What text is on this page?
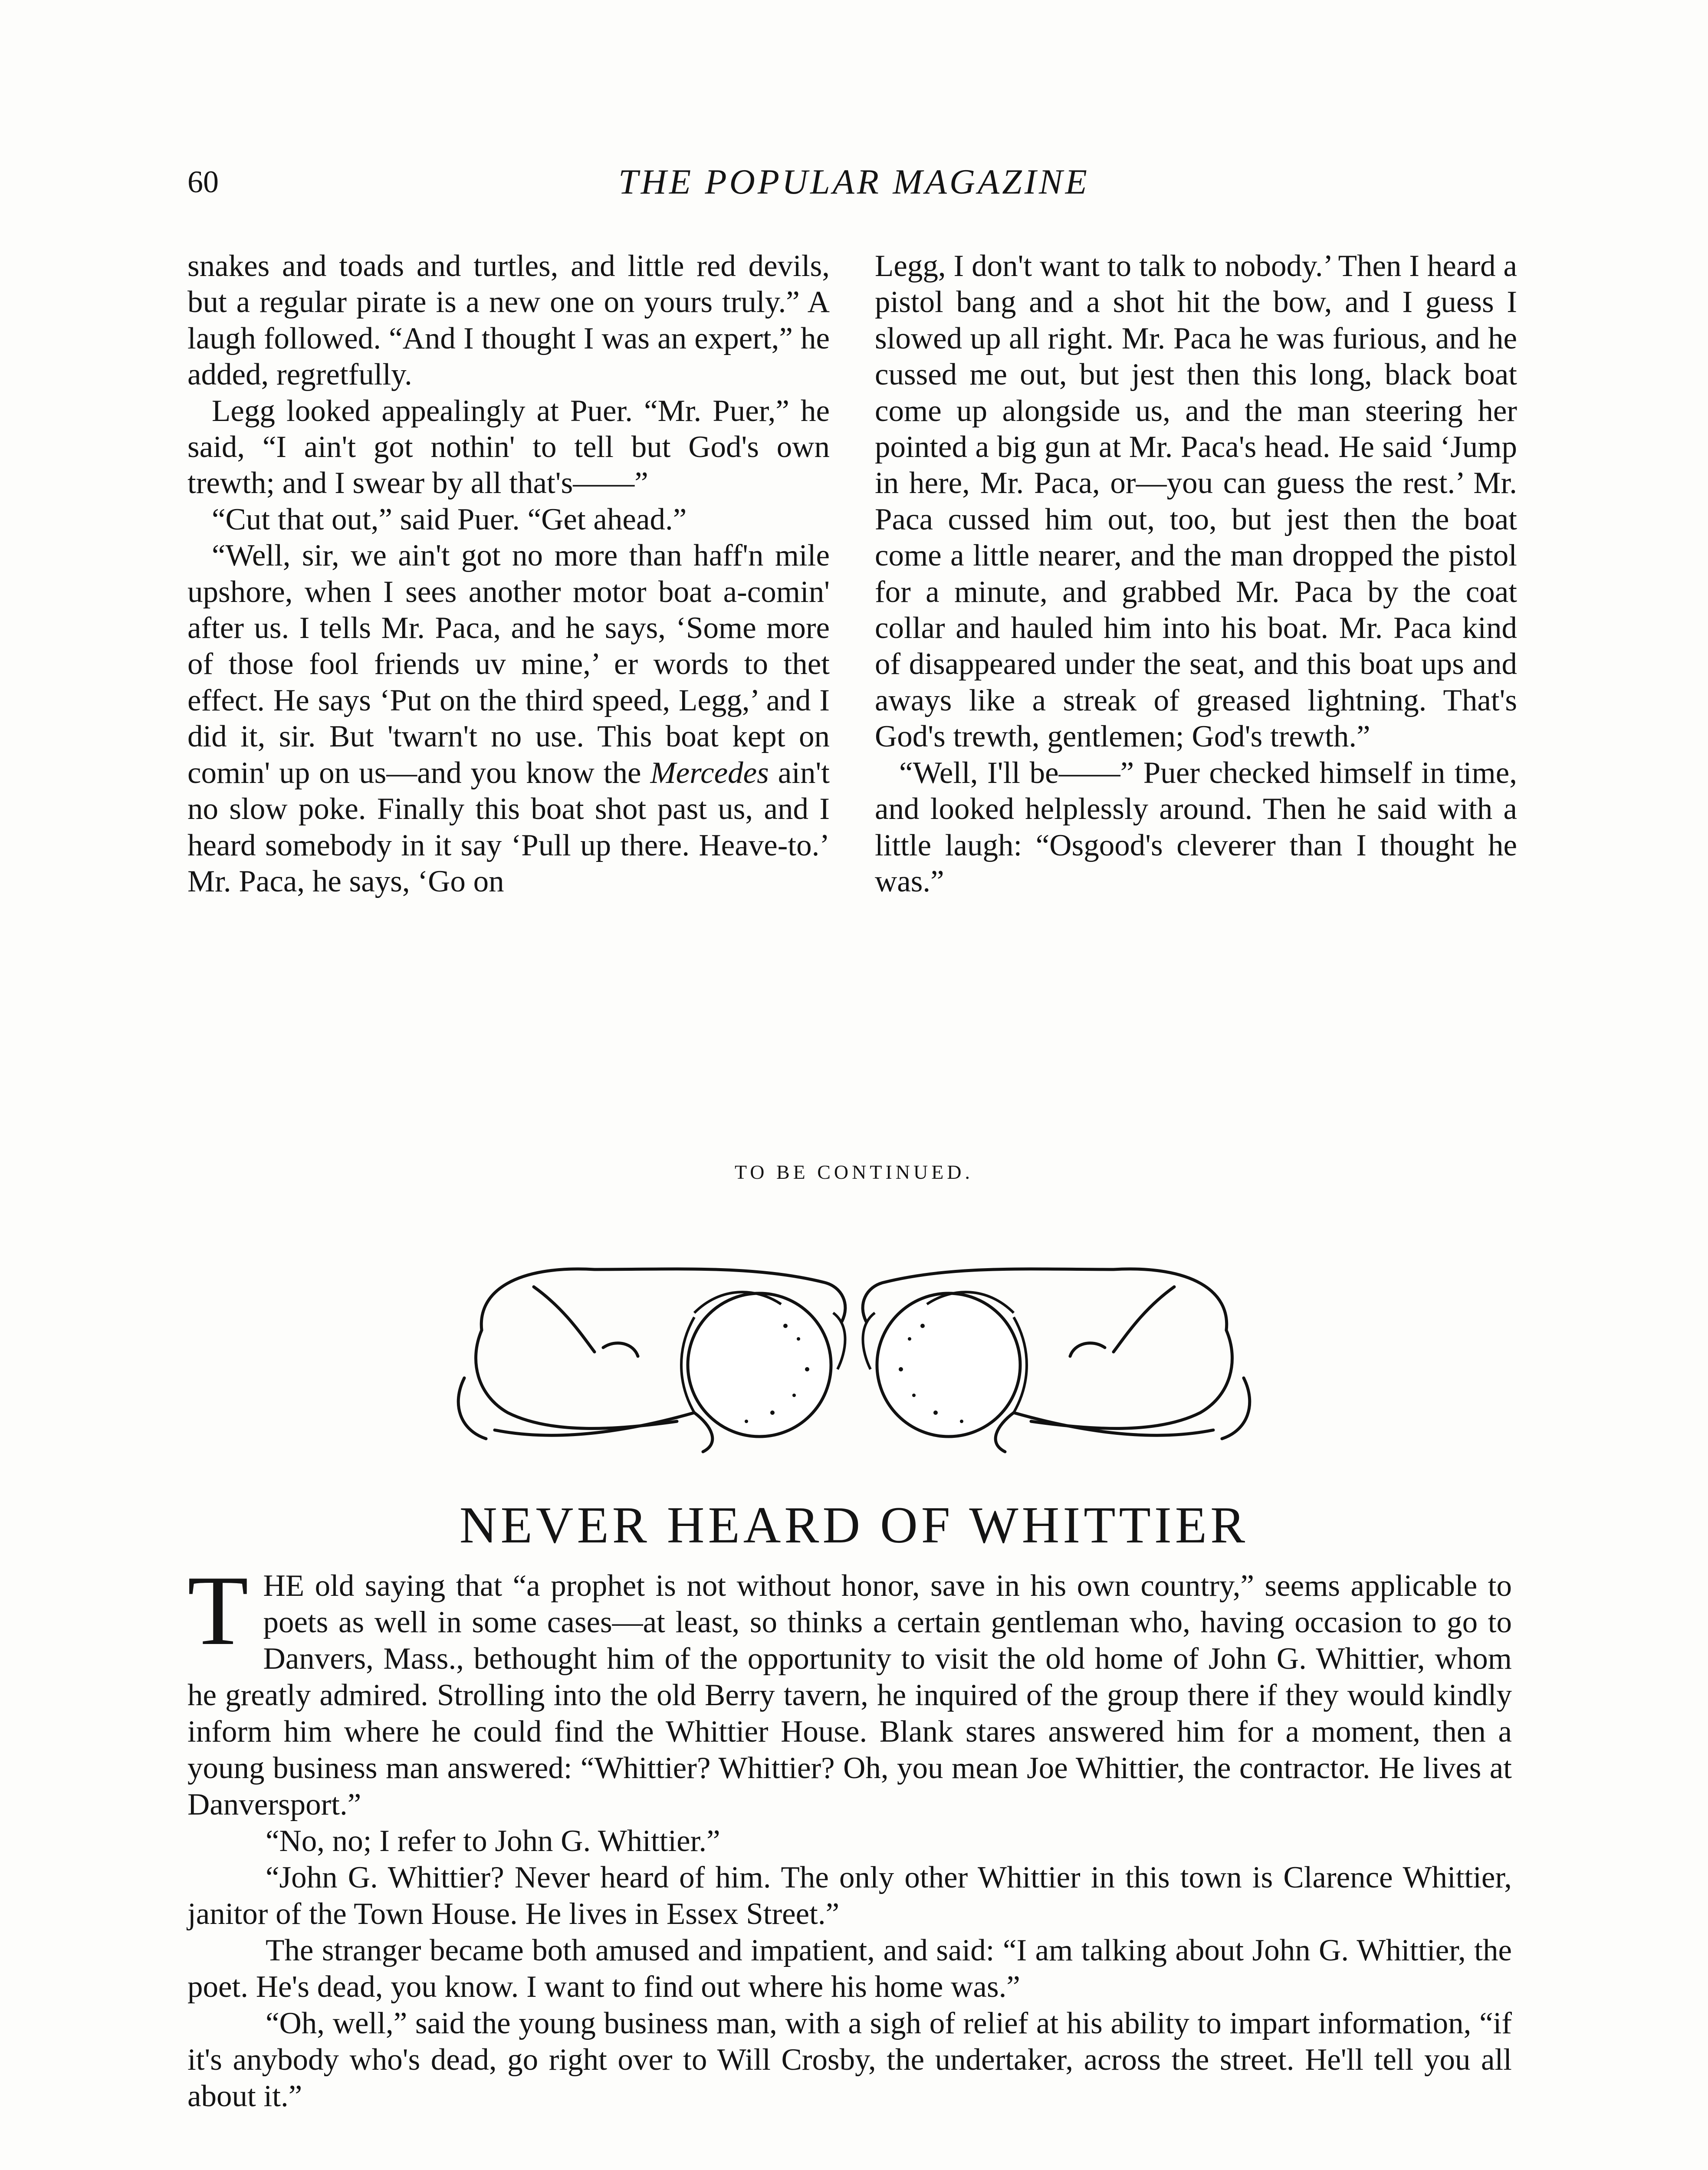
60	THE POPULAR MAGAZINE

snakes and toads and turtles, and little red devils, but a regular pirate is a new one on yours truly.” A laugh followed. “And I thought I was an expert,” he added, regretfully.

Legg looked appealingly at Puer. “Mr. Puer,” he said, “I ain't got nothin' to tell but God's own trewth; and I swear by all that's——”

“Cut that out,” said Puer. “Get ahead.”

“Well, sir, we ain't got no more than haff'n mile upshore, when I sees another motor boat a-comin' after us. I tells Mr. Paca, and he says, ‘Some more of those fool friends uv mine,’ er words to thet effect. He says ‘Put on the third speed, Legg,’ and I did it, sir. But 'twarn't no use. This boat kept on comin' up on us—and you know the Mercedes ain't no slow poke. Finally this boat shot past us, and I heard somebody in it say ‘Pull up there. Heave-to.’ Mr. Paca, he says, ‘Go on

Legg, I don't want to talk to nobody.’ Then I heard a pistol bang and a shot hit the bow, and I guess I slowed up all right. Mr. Paca he was furious, and he cussed me out, but jest then this long, black boat come up alongside us, and the man steering her pointed a big gun at Mr. Paca's head. He said ‘Jump in here, Mr. Paca, or—you can guess the rest.’ Mr. Paca cussed him out, too, but jest then the boat come a little nearer, and the man dropped the pistol for a minute, and grabbed Mr. Paca by the coat collar and hauled him into his boat. Mr. Paca kind of disappeared under the seat, and this boat ups and aways like a streak of greased lightning. That's God's trewth, gentlemen; God's trewth.”

“Well, I'll be——” Puer checked himself in time, and looked helplessly around. Then he said with a little laugh: “Osgood's cleverer than I thought he was.”

TO BE CONTINUED.
NEVER HEARD OF WHITTIER
T HE old saying that “a prophet is not without honor, save in his own country,” seems applicable to poets as well in some cases—at least, so thinks a certain gentleman who, having occasion to go to Danvers, Mass., bethought him of the opportunity to visit the old home of John G. Whittier, whom he greatly admired. Strolling into the old Berry tavern, he inquired of the group there if they would kindly inform him where he could find the Whittier House. Blank stares answered him for a moment, then a young business man answered: “Whittier? Whittier? Oh, you mean Joe Whittier, the contractor. He lives at Danversport.”

“No, no; I refer to John G. Whittier.”

“John G. Whittier? Never heard of him. The only other Whittier in this town is Clarence Whittier, janitor of the Town House. He lives in Essex Street.”

The stranger became both amused and impatient, and said: “I am talking about John G. Whittier, the poet. He's dead, you know. I want to find out where his home was.”

“Oh, well,” said the young business man, with a sigh of relief at his ability to impart information, “if it's anybody who's dead, go right over to Will Crosby, the undertaker, across the street. He'll tell you all about it.”
